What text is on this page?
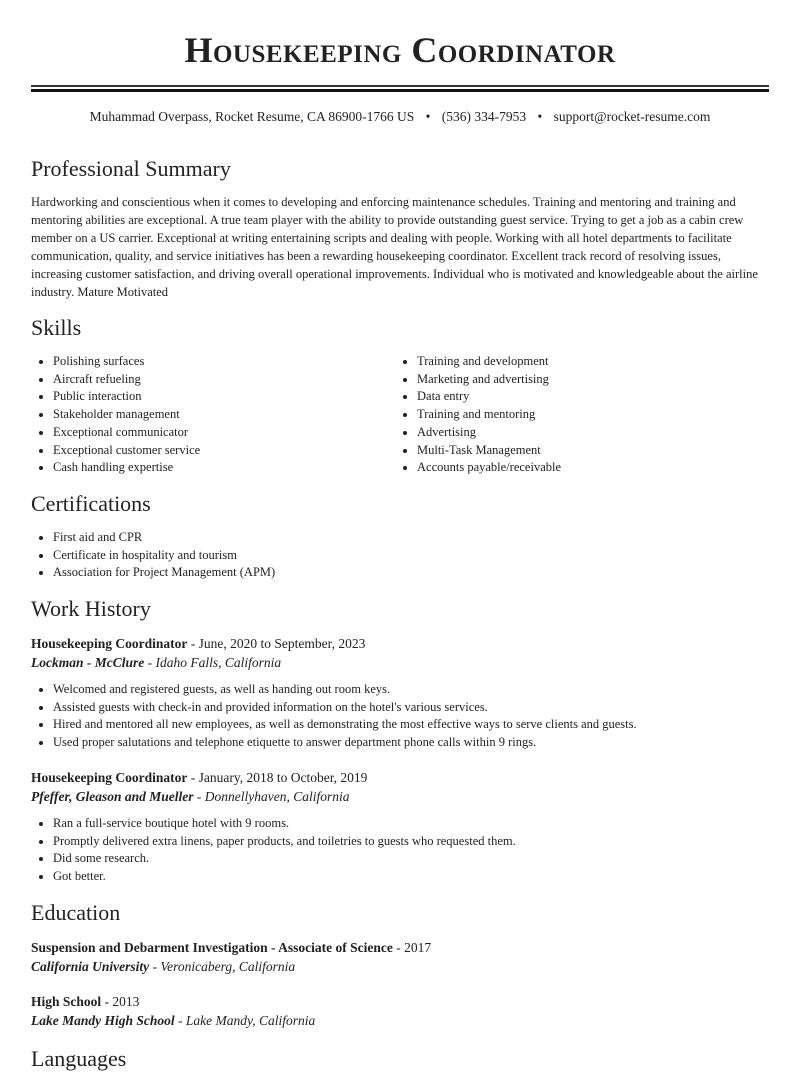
Housekeeping Coordinator
Muhammad Overpass, Rocket Resume, CA 86900-1766 US • (536) 334-7953 • support@rocket-resume.com
Professional Summary

Hardworking and conscientious when it comes to developing and enforcing maintenance schedules. Training and mentoring and training and mentoring abilities are exceptional. A true team player with the ability to provide outstanding guest service. Trying to get a job as a cabin crew member on a US carrier. Exceptional at writing entertaining scripts and dealing with people. Working with all hotel departments to facilitate communication, quality, and service initiatives has been a rewarding housekeeping coordinator. Excellent track record of resolving issues, increasing customer satisfaction, and driving overall operational improvements. Individual who is motivated and knowledgeable about the airline industry. Mature Motivated

Skills
• Polishing surfaces
• Aircraft refueling
• Public interaction
• Stakeholder management
• Exceptional communicator
• Exceptional customer service
• Cash handling expertise
• Training and development
• Marketing and advertising
• Data entry
• Training and mentoring
• Advertising
• Multi-Task Management
• Accounts payable/receivable
Certifications
• First aid and CPR
• Certificate in hospitality and tourism
• Association for Project Management (APM)
Work History
Housekeeping Coordinator - June, 2020 to September, 2023
Lockman - McClure - Idaho Falls, California
• Welcomed and registered guests, as well as handing out room keys.
• Assisted guests with check-in and provided information on the hotel's various services.
• Hired and mentored all new employees, as well as demonstrating the most effective ways to serve clients and guests.
• Used proper salutations and telephone etiquette to answer department phone calls within 9 rings.
Housekeeping Coordinator - January, 2018 to October, 2019
Pfeffer, Gleason and Mueller - Donnellyhaven, California
• Ran a full-service boutique hotel with 9 rooms.
• Promptly delivered extra linens, paper products, and toiletries to guests who requested them.
• Did some research.
• Got better.
Education
Suspension and Debarment Investigation - Associate of Science - 2017
California University - Veronicaberg, California
High School - 2013
Lake Mandy High School - Lake Mandy, California
Languages
